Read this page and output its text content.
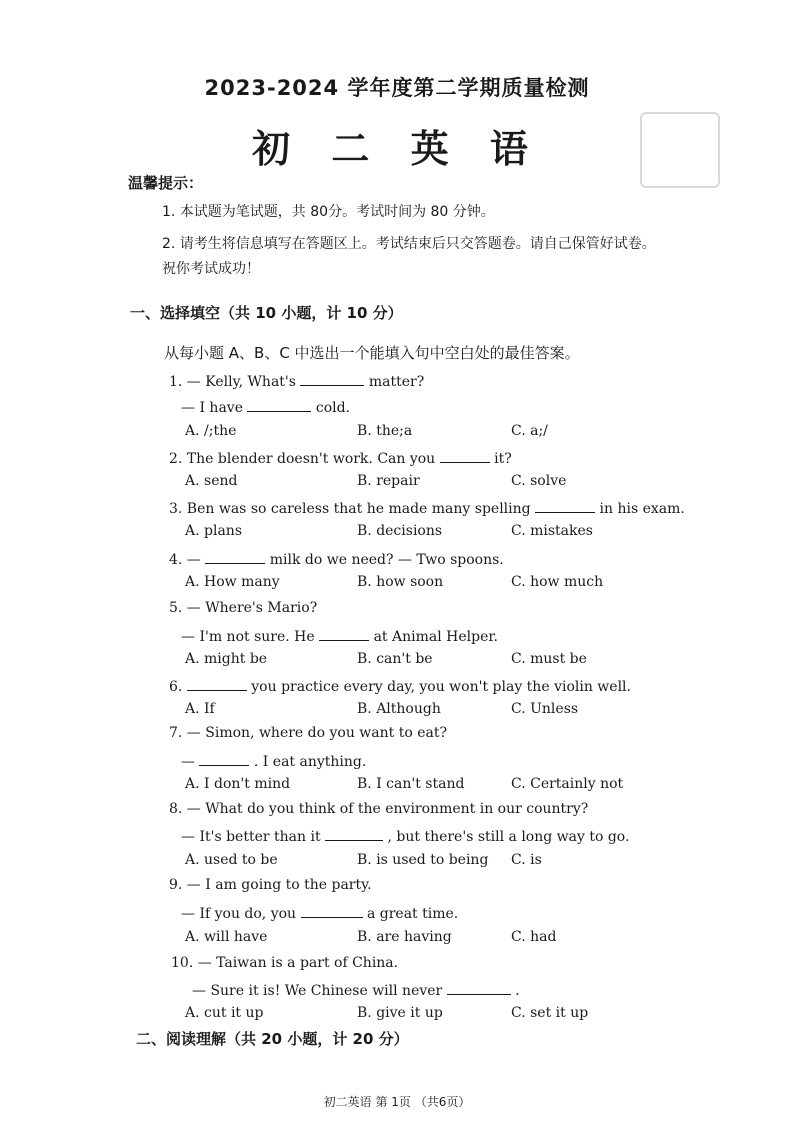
2023-2024 学年度第二学期质量检测
初 二 英 语
温馨提示：
1. 本试题为笔试题，共 80分。考试时间为 80 分钟。
2. 请考生将信息填写在答题区上。考试结束后只交答题卷。请自己保管好试卷。
祝你考试成功！
一、选择填空（共 10 小题，计 10 分）
从每小题 A、B、C 中选出一个能填入句中空白处的最佳答案。
1. — Kelly, What's	matter?
— I have	cold.
A. /;the	B. the;a	C. a;/
2. The blender doesn't work. Can you	it?
A. send	B. repair	C. solve
3. Ben was so careless that he made many spelling	in his exam.
A. plans	B. decisions	C. mistakes
4. —	milk do we need? — Two spoons.
A. How many	B. how soon	C. how much
5. — Where's Mario?
— I'm not sure. He	at Animal Helper.
A. might be	B. can't be	C. must be
6.	you practice every day, you won't play the violin well.
A. If	B. Although	C. Unless
7. — Simon, where do you want to eat?
—	. I eat anything.
A. I don't mind	B. I can't stand	C. Certainly not
8. — What do you think of the environment in our country?
— It's better than it	, but there's still a long way to go.
A. used to be	B. is used to being C. is
9. — I am going to the party.
— If you do, you	a great time.
A. will have	B. are having	C. had
10. — Taiwan is a part of China.
— Sure it is! We Chinese will never	.
A. cut it up	B. give it up	C. set it up
二、阅读理解（共 20 小题，计 20 分）
初二英语 第 1页 （共6页）
